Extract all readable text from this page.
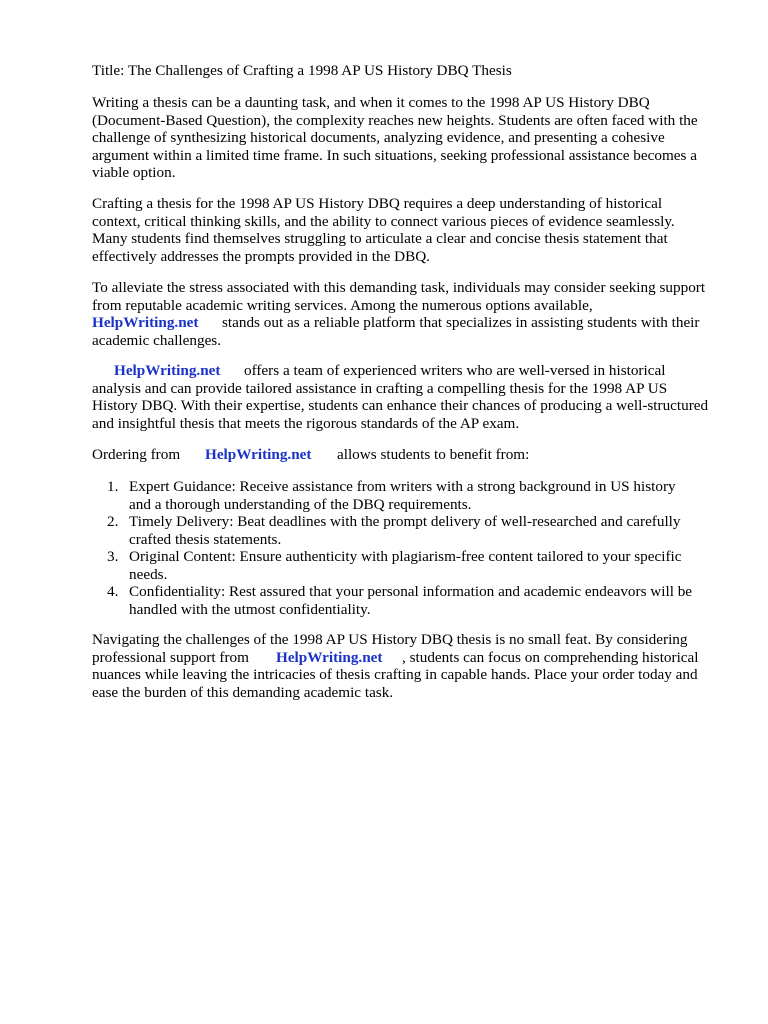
Title: The Challenges of Crafting a 1998 AP US History DBQ Thesis
Writing a thesis can be a daunting task, and when it comes to the 1998 AP US History DBQ
(Document-Based Question), the complexity reaches new heights. Students are often faced with the
challenge of synthesizing historical documents, analyzing evidence, and presenting a cohesive
argument within a limited time frame. In such situations, seeking professional assistance becomes a
viable option.
Crafting a thesis for the 1998 AP US History DBQ requires a deep understanding of historical
context, critical thinking skills, and the ability to connect various pieces of evidence seamlessly.
Many students find themselves struggling to articulate a clear and concise thesis statement that
effectively addresses the prompts provided in the DBQ.
To alleviate the stress associated with this demanding task, individuals may consider seeking support
from reputable academic writing services. Among the numerous options available,
HelpWriting.net stands out as a reliable platform that specializes in assisting students with their
academic challenges.
HelpWriting.net offers a team of experienced writers who are well-versed in historical
analysis and can provide tailored assistance in crafting a compelling thesis for the 1998 AP US
History DBQ. With their expertise, students can enhance their chances of producing a well-structured
and insightful thesis that meets the rigorous standards of the AP exam.
Ordering from HelpWriting.net allows students to benefit from:
1. Expert Guidance: Receive assistance from writers with a strong background in US history
and a thorough understanding of the DBQ requirements.
2. Timely Delivery: Beat deadlines with the prompt delivery of well-researched and carefully
crafted thesis statements.
3. Original Content: Ensure authenticity with plagiarism-free content tailored to your specific
needs.
4. Confidentiality: Rest assured that your personal information and academic endeavors will be
handled with the utmost confidentiality.
Navigating the challenges of the 1998 AP US History DBQ thesis is no small feat. By considering
professional support from HelpWriting.net , students can focus on comprehending historical
nuances while leaving the intricacies of thesis crafting in capable hands. Place your order today and
ease the burden of this demanding academic task.
